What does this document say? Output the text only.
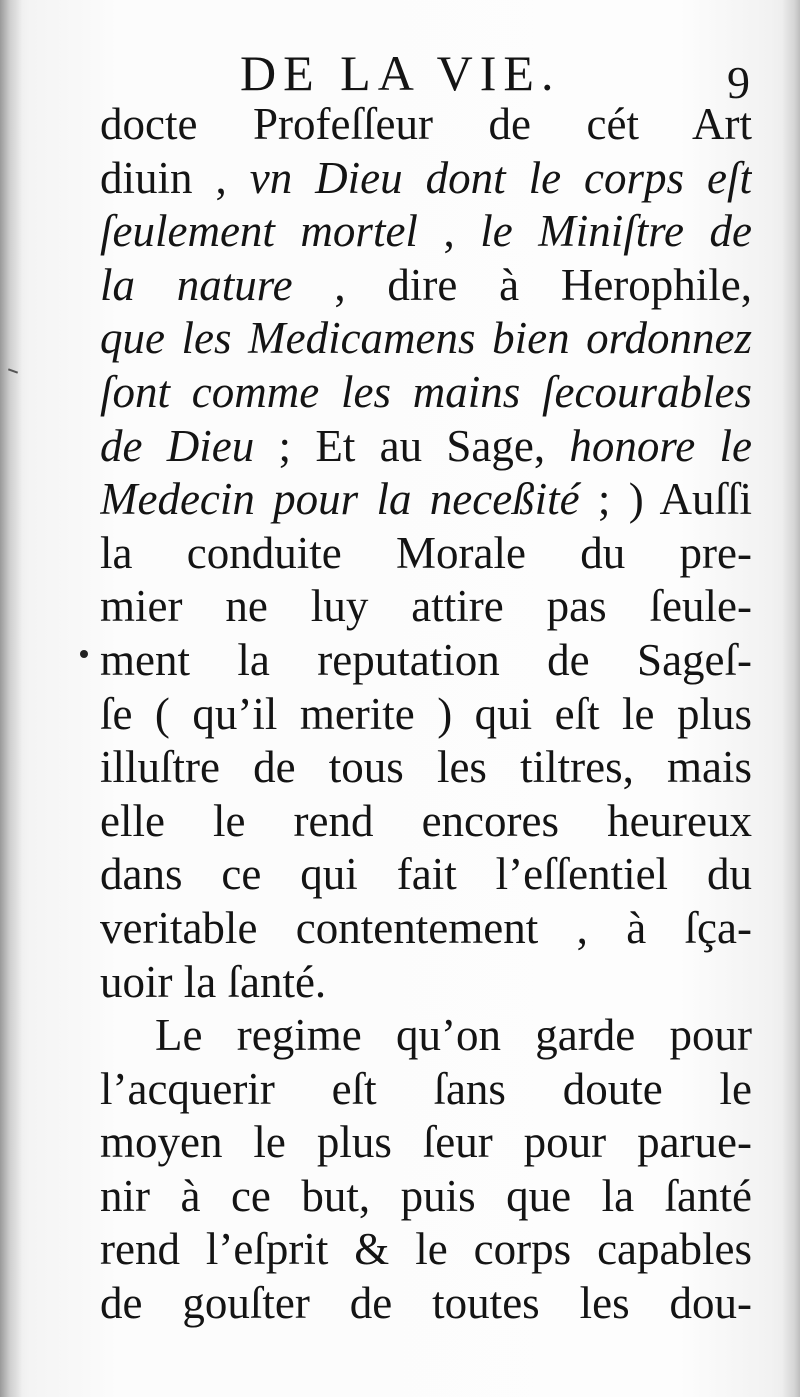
DE LA VIE.	9
docte Profeſſeur de cét Art
diuin , vn Dieu dont le corps eſt
ſeulement mortel , le Miniſtre de
la nature , dire à Herophile,
que les Medicamens bien ordonnez
ſont comme les mains ſecourables
de Dieu ; Et au Sage, honore le
Medecin pour la neceßité ; ) Auſſi
la conduite Morale du pre-
mier ne luy attire pas ſeule-
ment la reputation de Sageſ-
ſe ( qu’il merite ) qui eſt le plus
illuſtre de tous les tiltres, mais
elle le rend encores heureux
dans ce qui fait l’eſſentiel du
veritable contentement , à ſça-
uoir la ſanté.
Le regime qu’on garde pour
l’acquerir eſt ſans doute le
moyen le plus ſeur pour parue-
nir à ce but, puis que la ſanté
rend l’eſprit & le corps capables
de gouſter de toutes les dou-
